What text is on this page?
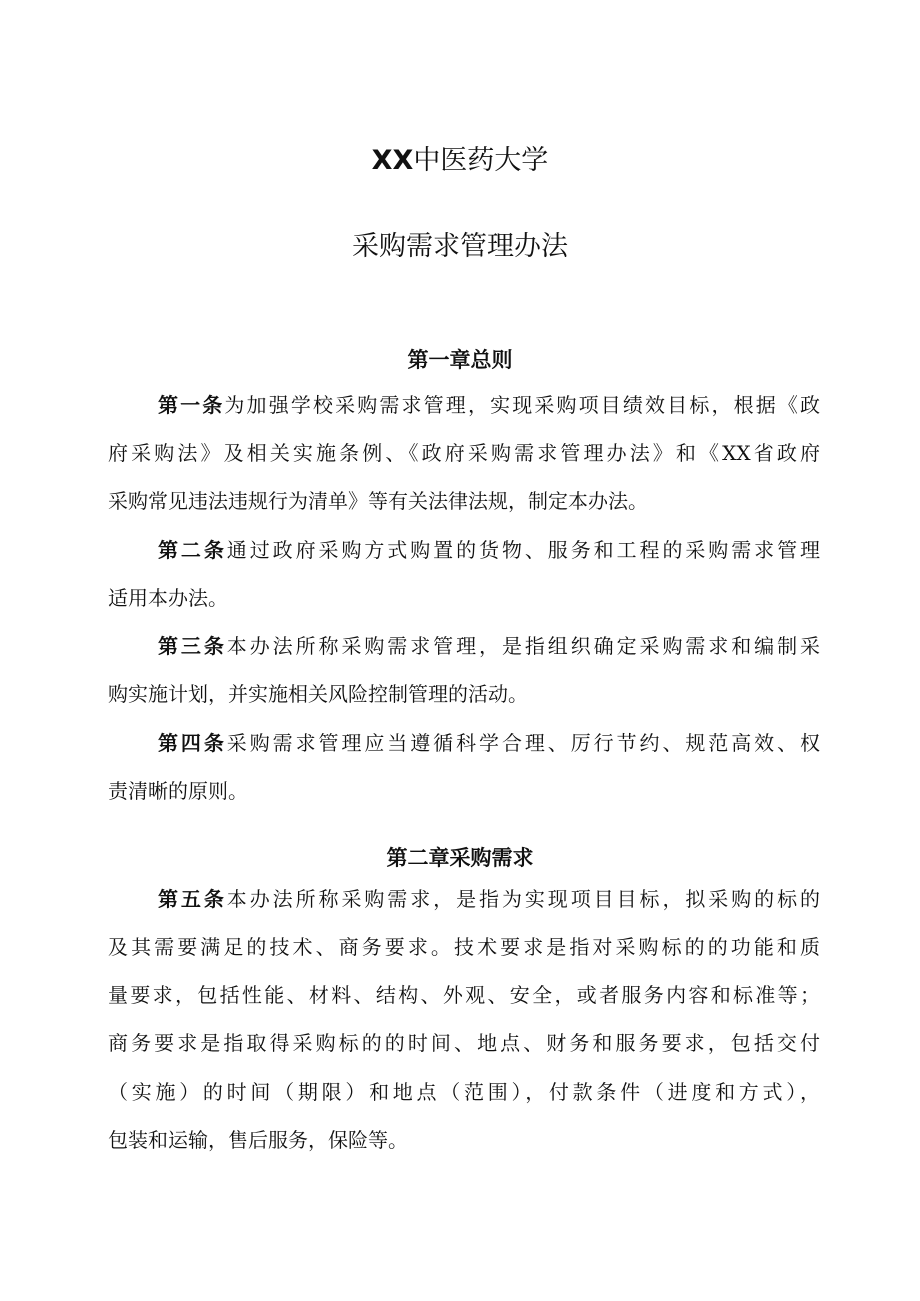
XX中医药大学
采购需求管理办法
第一章总则
第一条为加强学校采购需求管理，实现采购项目绩效目标，根据《政
府采购法》及相关实施条例、《政府采购需求管理办法》和《XX省政府
采购常见违法违规行为清单》等有关法律法规，制定本办法。
第二条通过政府采购方式购置的货物、服务和工程的采购需求管理
适用本办法。
第三条本办法所称采购需求管理，是指组织确定采购需求和编制采
购实施计划，并实施相关风险控制管理的活动。
第四条采购需求管理应当遵循科学合理、厉行节约、规范高效、权
责清晰的原则。
第二章采购需求
第五条本办法所称采购需求，是指为实现项目目标，拟采购的标的
及其需要满足的技术、商务要求。技术要求是指对采购标的的功能和质
量要求，包括性能、材料、结构、外观、安全，或者服务内容和标准等；
商务要求是指取得采购标的的时间、地点、财务和服务要求，包括交付
（实施）的时间（期限）和地点（范围），付款条件（进度和方式），
包装和运输，售后服务，保险等。
